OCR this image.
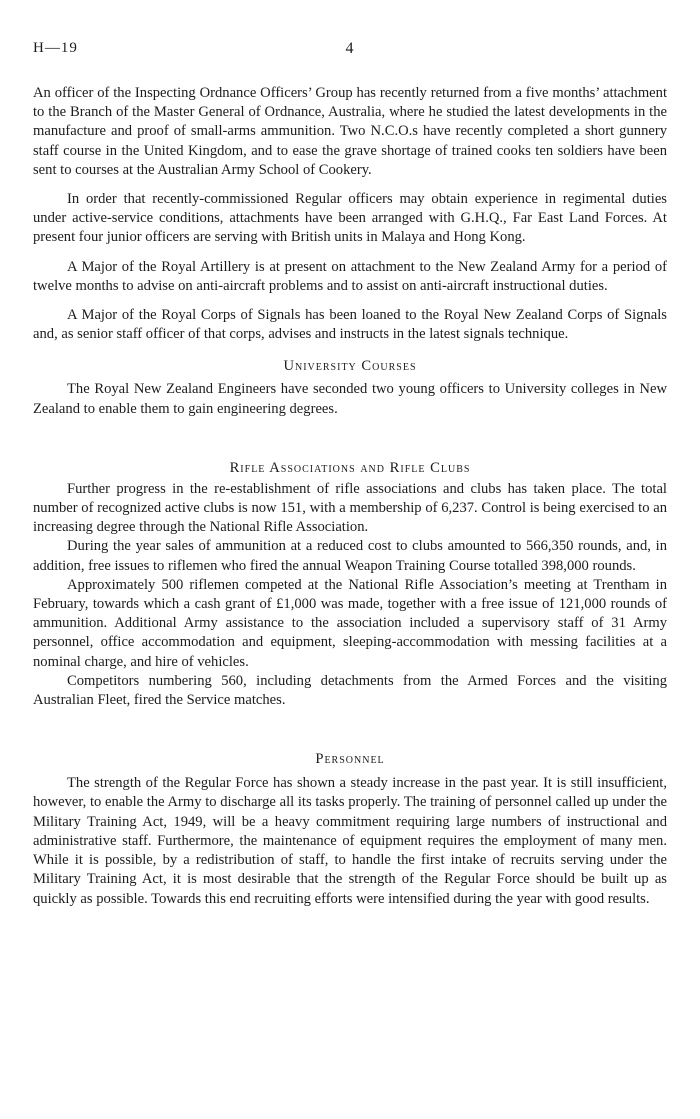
H—19	4

An officer of the Inspecting Ordnance Officers’ Group has recently returned from a five months’ attachment to the Branch of the Master General of Ordnance, Australia, where he studied the latest developments in the manufacture and proof of small-arms ammunition. Two N.C.O.s have recently completed a short gunnery staff course in the United Kingdom, and to ease the grave shortage of trained cooks ten soldiers have been sent to courses at the Australian Army School of Cookery.

In order that recently-commissioned Regular officers may obtain experience in regimental duties under active-service conditions, attachments have been arranged with G.H.Q., Far East Land Forces. At present four junior officers are serving with British units in Malaya and Hong Kong.

A Major of the Royal Artillery is at present on attachment to the New Zealand Army for a period of twelve months to advise on anti-aircraft problems and to assist on anti-aircraft instructional duties.

A Major of the Royal Corps of Signals has been loaned to the Royal New Zealand Corps of Signals and, as senior staff officer of that corps, advises and instructs in the latest signals technique.

University Courses

The Royal New Zealand Engineers have seconded two young officers to University colleges in New Zealand to enable them to gain engineering degrees.

Rifle Associations and Rifle Clubs

Further progress in the re-establishment of rifle associations and clubs has taken place. The total number of recognized active clubs is now 151, with a membership of 6,237. Control is being exercised to an increasing degree through the National Rifle Association.

During the year sales of ammunition at a reduced cost to clubs amounted to 566,350 rounds, and, in addition, free issues to riflemen who fired the annual Weapon Training Course totalled 398,000 rounds.

Approximately 500 riflemen competed at the National Rifle Association’s meeting at Trentham in February, towards which a cash grant of £1,000 was made, together with a free issue of 121,000 rounds of ammunition. Additional Army assistance to the association included a supervisory staff of 31 Army personnel, office accommodation and equipment, sleeping-accommodation with messing facilities at a nominal charge, and hire of vehicles.

Competitors numbering 560, including detachments from the Armed Forces and the visiting Australian Fleet, fired the Service matches.

Personnel

The strength of the Regular Force has shown a steady increase in the past year. It is still insufficient, however, to enable the Army to discharge all its tasks properly. The training of personnel called up under the Military Training Act, 1949, will be a heavy commitment requiring large numbers of instructional and administrative staff. Furthermore, the maintenance of equipment requires the employment of many men. While it is possible, by a redistribution of staff, to handle the first intake of recruits serving under the Military Training Act, it is most desirable that the strength of the Regular Force should be built up as quickly as possible. Towards this end recruiting efforts were intensified during the year with good results.
